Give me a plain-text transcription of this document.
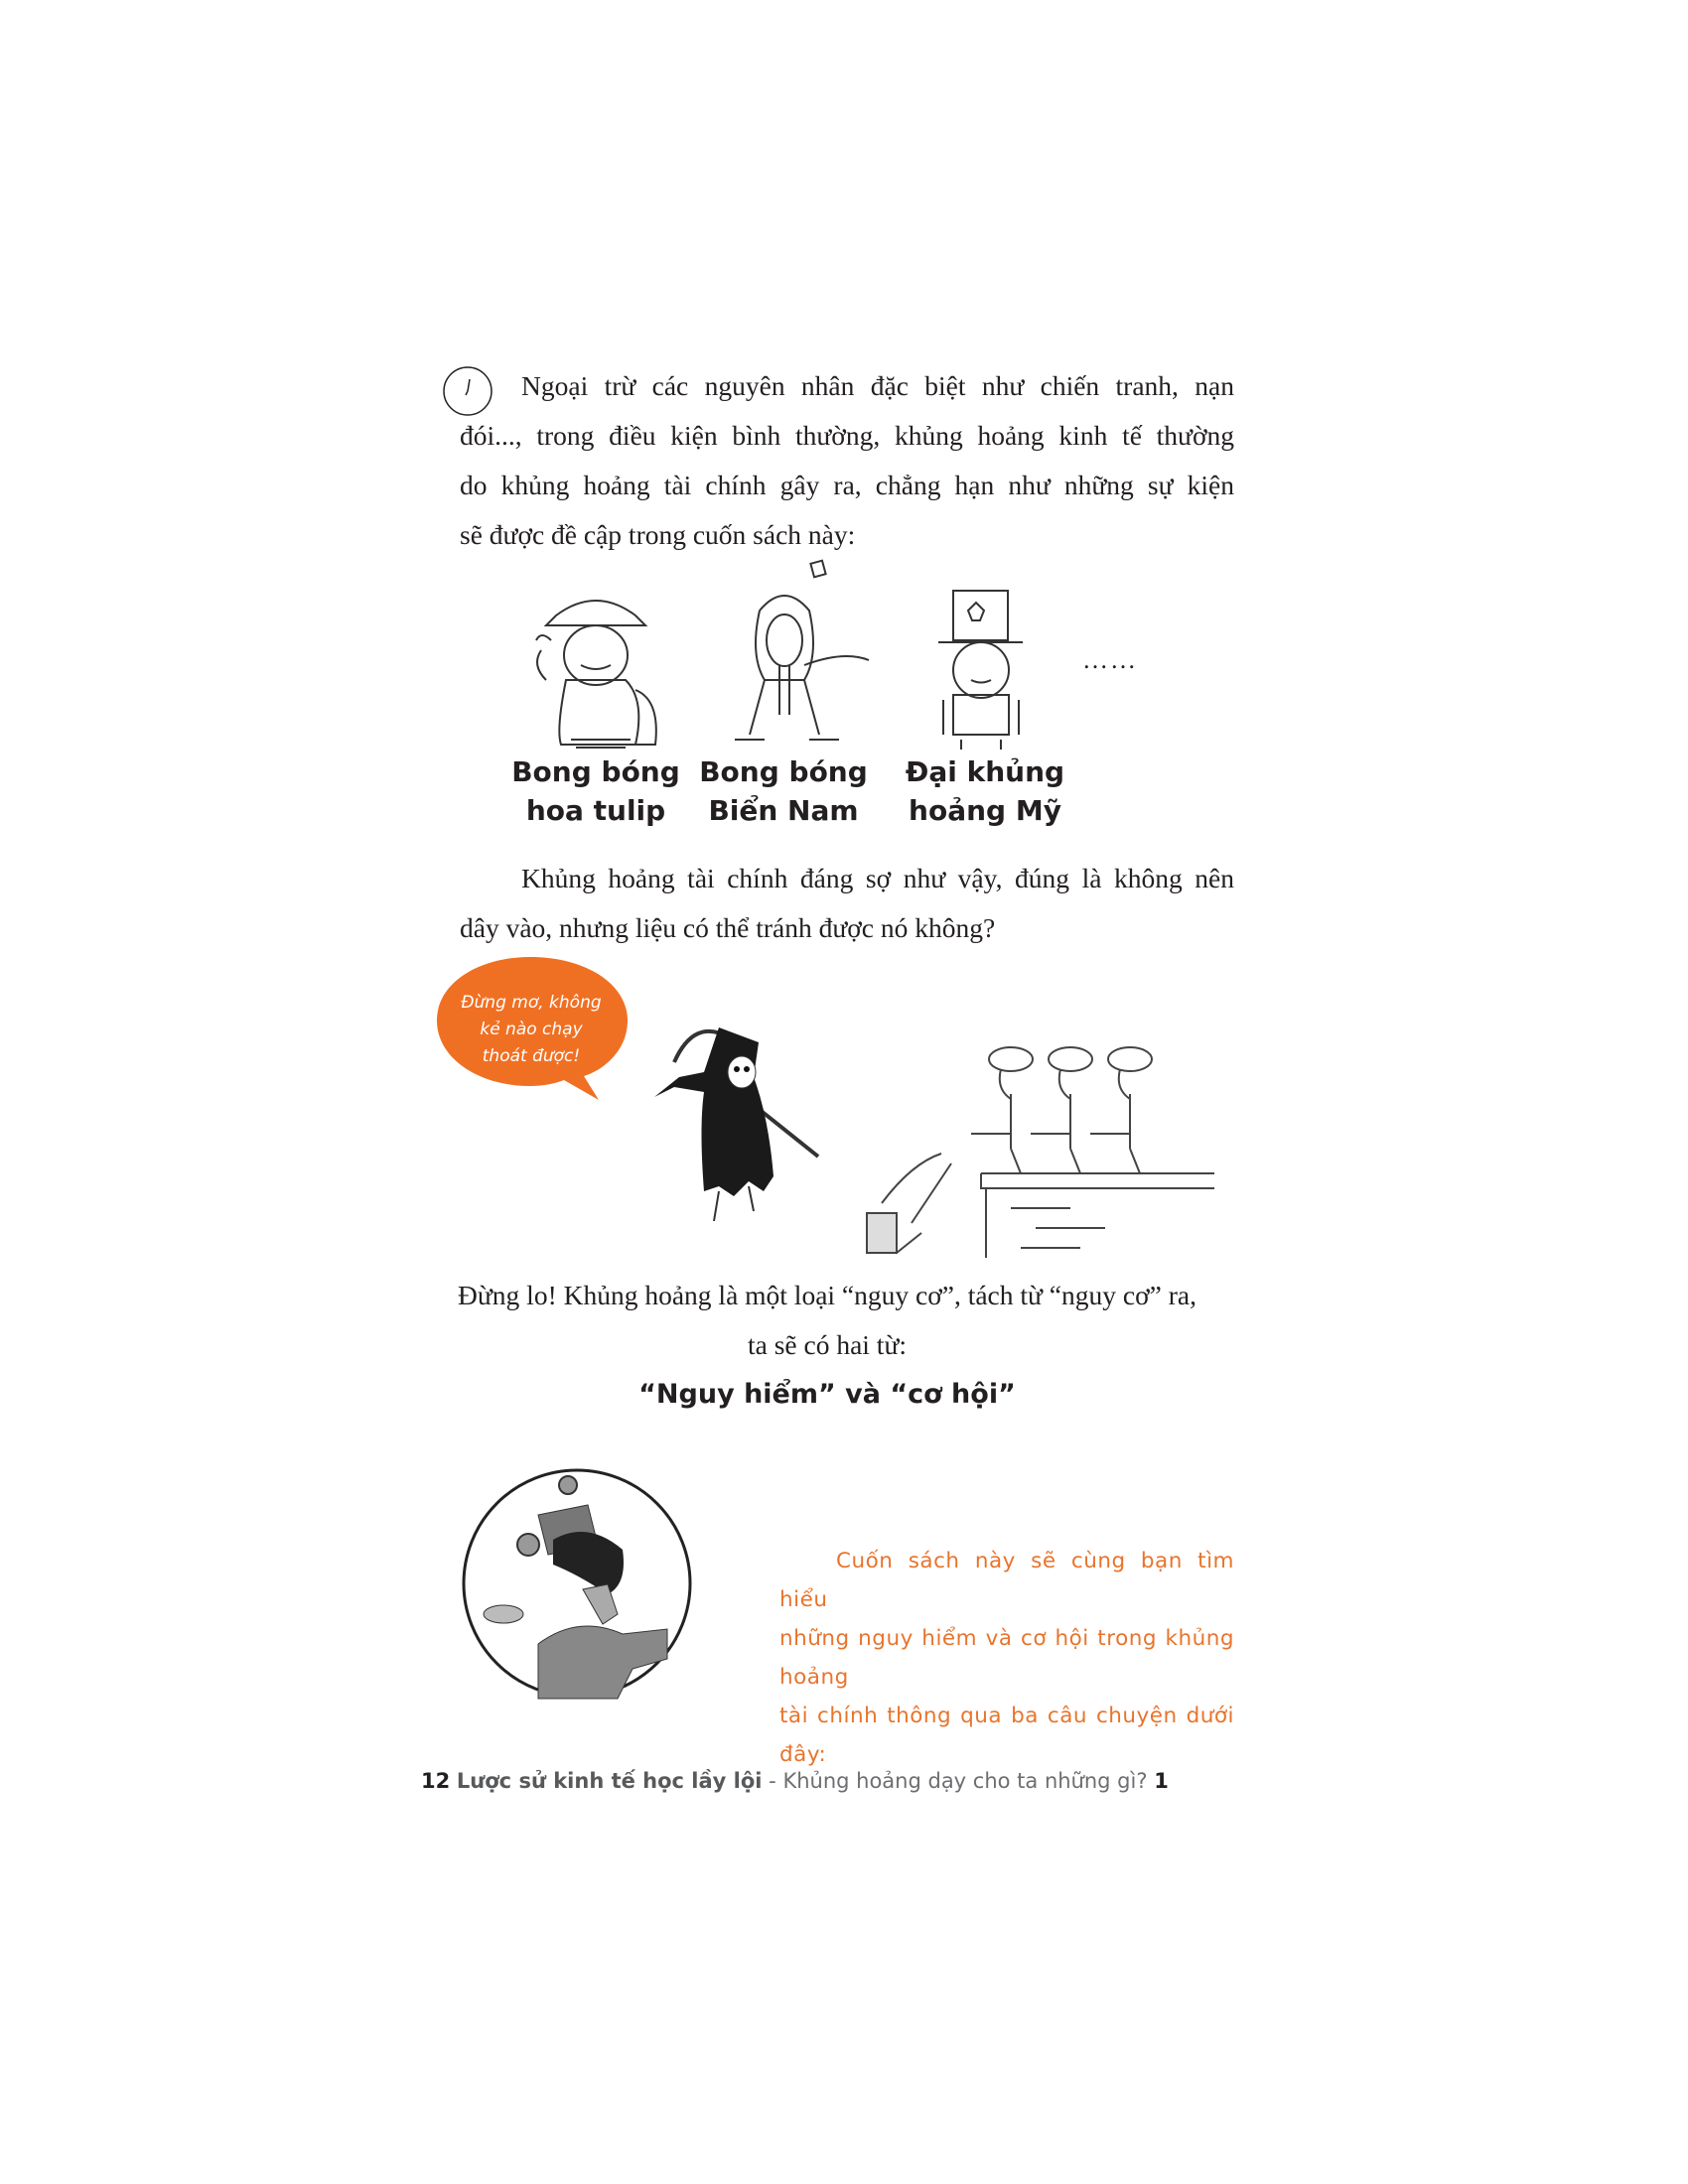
Ngoại trừ các nguyên nhân đặc biệt như chiến tranh, nạn
đói..., trong điều kiện bình thường, khủng hoảng kinh tế thường
do khủng hoảng tài chính gây ra, chẳng hạn như những sự kiện
sẽ được đề cập trong cuốn sách này:
Bong bóng
hoa tulip
Bong bóng
Biển Nam
Đại khủng
hoảng Mỹ
……
Khủng hoảng tài chính đáng sợ như vậy, đúng là không nên
dây vào, nhưng liệu có thể tránh được nó không?
Đừng mơ, không
kẻ nào chạy
thoát được!
Đừng lo! Khủng hoảng là một loại “nguy cơ”, tách từ “nguy cơ” ra,
ta sẽ có hai từ:
“Nguy hiểm” và “cơ hội”
Cuốn sách này sẽ cùng bạn tìm hiểu
những nguy hiểm và cơ hội trong khủng hoảng
tài chính thông qua ba câu chuyện dưới đây:
12 Lược sử kinh tế học lầy lội - Khủng hoảng dạy cho ta những gì? 1
